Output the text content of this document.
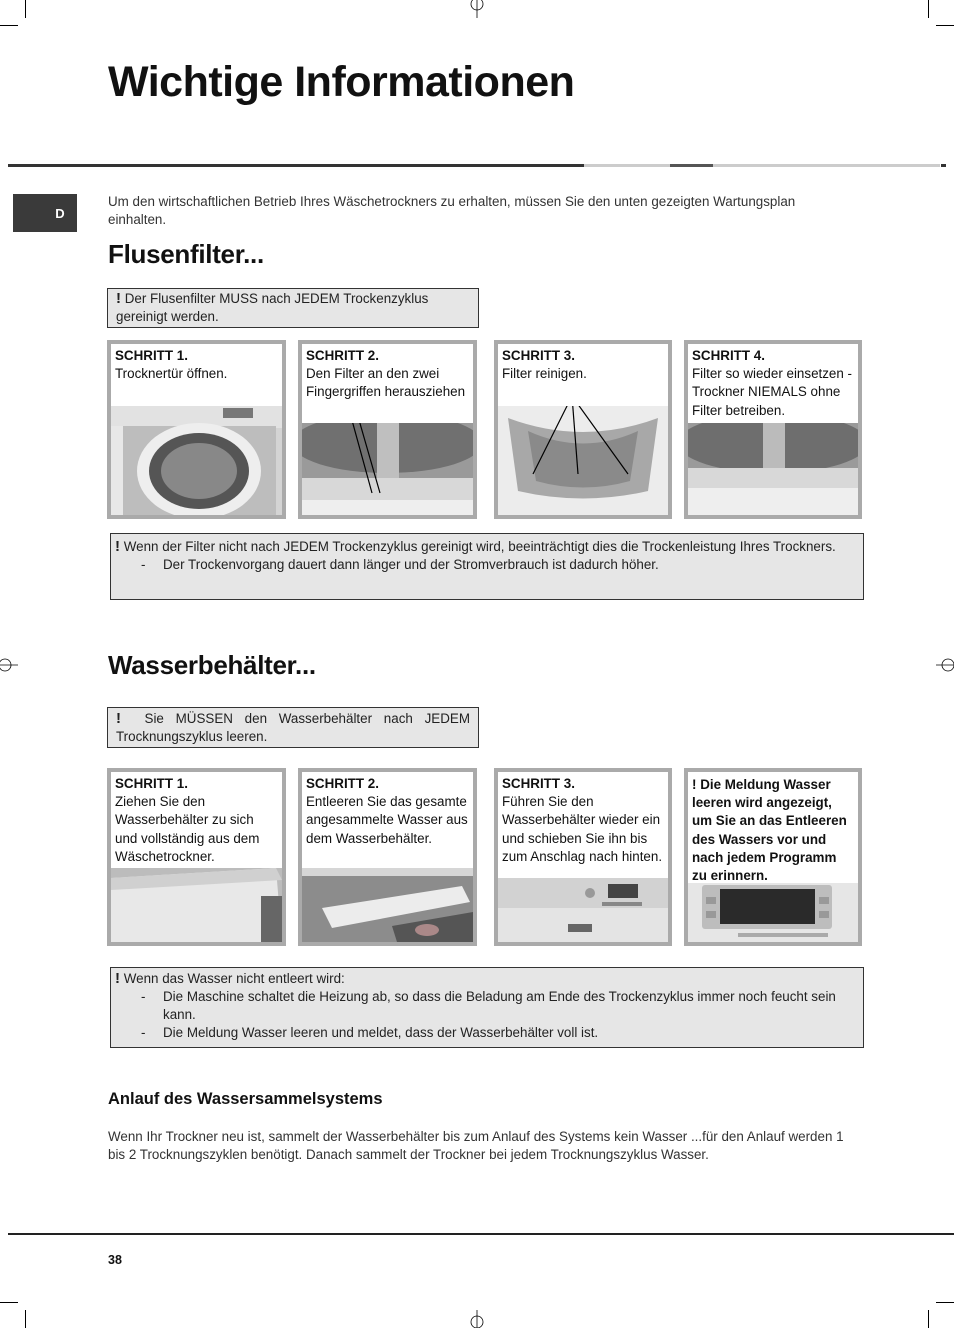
Wichtige Informationen
D
Um den wirtschaftlichen Betrieb Ihres Wäschetrockners zu erhalten, müssen Sie den unten gezeigten Wartungsplan einhalten.
Flusenfilter...
! Der Flusenfilter MUSS nach JEDEM Trockenzyklus gereinigt werden.
SCHRITT 1.
Trocknertür öffnen.
SCHRITT 2.
Den Filter an den zwei Fingergriffen herausziehen
SCHRITT 3.
Filter reinigen.
SCHRITT 4.
Filter so wieder einsetzen - Trockner NIEMALS ohne Filter betreiben.
! Wenn der Filter nicht nach JEDEM Trockenzyklus gereinigt wird, beeinträchtigt dies die Trockenleistung Ihres Trockners.
- Der Trockenvorgang dauert dann länger und der Stromverbrauch ist dadurch höher.
Wasserbehälter...
! Sie MÜSSEN den Wasserbehälter nach JEDEM Trocknungszyklus leeren.
SCHRITT 1.
Ziehen Sie den Wasserbehälter zu sich und vollständig aus dem Wäschetrockner.
SCHRITT 2.
Entleeren Sie das gesamte angesammelte Wasser aus dem Wasserbehälter.
SCHRITT 3.
Führen Sie den Wasserbehälter wieder ein und schieben Sie ihn bis zum Anschlag nach hinten.
! Die Meldung Wasser leeren wird angezeigt, um Sie an das Entleeren des Wassers vor und nach jedem Programm zu erinnern.
! Wenn das Wasser nicht entleert wird:
- Die Maschine schaltet die Heizung ab, so dass die Beladung am Ende des Trockenzyklus immer noch feucht sein kann.
- Die Meldung Wasser leeren und meldet, dass der Wasserbehälter voll ist.
Anlauf des Wassersammelsystems
Wenn Ihr Trockner neu ist, sammelt der Wasserbehälter bis zum Anlauf des Systems kein Wasser ...für den Anlauf werden 1 bis 2 Trocknungszyklen benötigt. Danach sammelt der Trockner bei jedem Trocknungszyklus Wasser.
38
